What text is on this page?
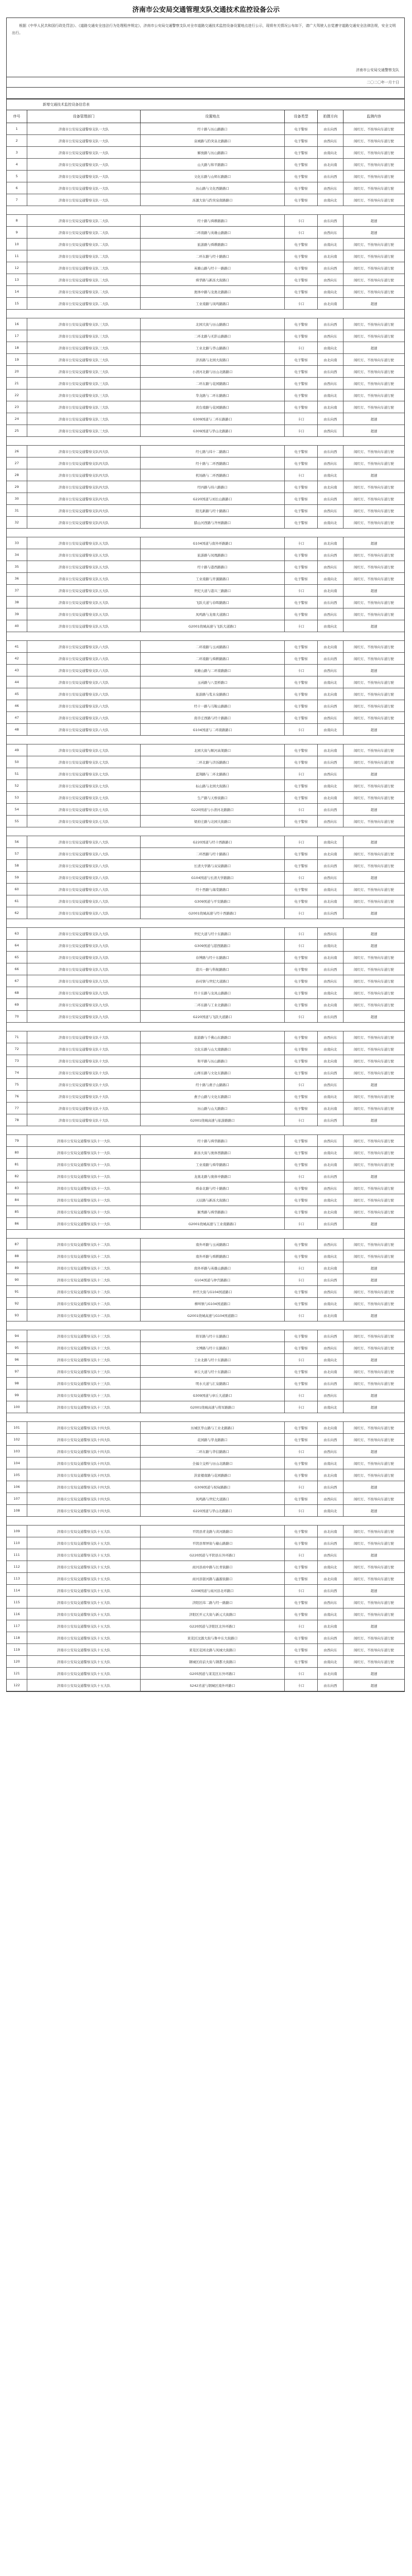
济南市公安局交通管理支队交通技术监控设备公示
根据《中华人民共和国行政处罚法》、《道路交通安全违法行为处理程序规定》，济南市公安局交通警察支队对全市道路交通技术监控设备设置地点进行公示，现将有关情况公布如下，请广大驾驶人自觉遵守道路交通安全法律法规，安全文明出行。
济南市公安局交通警察支队
二〇二〇年一月十日
新增交通技术监控设备信息表
序号	设备管理部门	设置地点	设备类型	拍摄方向	监测内容
1	济南市公安局交通警察支队一大队	经十路与历山路路口	电子警察	由东向西	闯红灯、不按导向车道行驶
2	济南市公安局交通警察支队一大队	泉城路与趵突泉北路路口	电子警察	由西向东	闯红灯、不按导向车道行驶
3	济南市公安局交通警察支队一大队	解放路与历山路路口	电子警察	由南向北	闯红灯、不按导向车道行驶
4	济南市公安局交通警察支队一大队	山大路与和平路路口	电子警察	由北向南	闯红灯、不按导向车道行驶
5	济南市公安局交通警察支队一大队	文化东路与山师东路路口	电子警察	由东向西	闯红灯、不按导向车道行驶
6	济南市公安局交通警察支队一大队	历山路与文化西路路口	电子警察	由西向东	闯红灯、不按导向车道行驶
7	济南市公安局交通警察支队一大队	泺源大街与趵突泉南路路口	电子警察	由南向北	闯红灯、不按导向车道行驶
8	济南市公安局交通警察支队二大队	经十路与舜耕路路口	卡口	由东向西	超速
9	济南市公安局交通警察支队二大队	二环南路与英雄山路路口	卡口	由西向东	超速
10	济南市公安局交通警察支队二大队	旅游路与舜耕路路口	电子警察	由南向北	闯红灯、不按导向车道行驶
11	济南市公安局交通警察支队二大队	二环东路与经十路路口	电子警察	由北向南	闯红灯、不按导向车道行驶
12	济南市公安局交通警察支队二大队	英雄山路与经十一路路口	电子警察	由东向西	闯红灯、不按导向车道行驶
13	济南市公安局交通警察支队二大队	舜华路与新泺大街路口	电子警察	由西向东	闯红灯、不按导向车道行驶
14	济南市公安局交通警察支队二大队	奥体中路与龙奥北路路口	电子警察	由南向北	闯红灯、不按导向车道行驶
15	济南市公安局交通警察支队二大队	工业南路与凤鸣路路口	卡口	由北向南	超速
16	济南市公安局交通警察支队三大队	北园大街与历山路路口	电子警察	由东向西	闯红灯、不按导向车道行驶
17	济南市公安局交通警察支队三大队	二环北路与无影山路路口	电子警察	由西向东	闯红灯、不按导向车道行驶
18	济南市公安局交通警察支队三大队	工业北路与华山路路口	卡口	由南向北	超速
19	济南市公安局交通警察支队三大队	济泺路与北园大街路口	电子警察	由北向南	闯红灯、不按导向车道行驶
20	济南市公安局交通警察支队三大队	小清河北路与历山北路路口	电子警察	由东向西	闯红灯、不按导向车道行驶
21	济南市公安局交通警察支队三大队	二环东路与花园路路口	电子警察	由西向东	闯红灯、不按导向车道行驶
22	济南市公安局交通警察支队三大队	华龙路与二环东路路口	电子警察	由南向北	闯红灯、不按导向车道行驶
23	济南市公安局交通警察支队三大队	黄台南路与花园路路口	电子警察	由北向南	闯红灯、不按导向车道行驶
24	济南市公安局交通警察支队三大队	G309国道与二环东路路口	卡口	由东向西	超速
25	济南市公安局交通警察支队三大队	G309国道与华山北路路口	卡口	由西向东	超速
26	济南市公安局交通警察支队四大队	经七路与纬十二路路口	电子警察	由东向西	闯红灯、不按导向车道行驶
27	济南市公安局交通警察支队四大队	经十路与二环西路路口	电子警察	由西向东	闯红灯、不按导向车道行驶
28	济南市公安局交通警察支队四大队	机场路与二环西路路口	卡口	由南向北	超速
29	济南市公安局交通警察支队四大队	经四路与纬六路路口	电子警察	由北向南	闯红灯、不按导向车道行驶
30	济南市公安局交通警察支队四大队	G220国道与刘长山路路口	电子警察	由东向西	闯红灯、不按导向车道行驶
31	济南市公安局交通警察支队四大队	阳光新路与经十路路口	电子警察	由西向东	闯红灯、不按导向车道行驶
32	济南市公安局交通警察支队四大队	腊山河西路与齐州路路口	电子警察	由南向北	闯红灯、不按导向车道行驶
33	济南市公安局交通警察支队五大队	G104国道与南外环路路口	卡口	由北向南	超速
34	济南市公安局交通警察支队五大队	旅游路与凤凰路路口	电子警察	由东向西	闯红灯、不按导向车道行驶
35	济南市公安局交通警察支队五大队	经十路与港西路路口	电子警察	由西向东	闯红灯、不按导向车道行驶
36	济南市公安局交通警察支队五大队	工业南路与开源路路口	电子警察	由南向北	闯红灯、不按导向车道行驶
37	济南市公安局交通警察支队五大队	世纪大道与港兴三路路口	卡口	由北向南	超速
38	济南市公安局交通警察支队五大队	飞跃大道与春晖路路口	电子警察	由东向西	闯红灯、不按导向车道行驶
39	济南市公安局交通警察支队五大队	凤鸣路与龙鼎大道路口	电子警察	由西向东	闯红灯、不按导向车道行驶
40	济南市公安局交通警察支队五大队	G2001绕城高速与飞跃大道路口	卡口	由南向北	超速
41	济南市公安局交通警察支队六大队	二环南路与玉函路路口	电子警察	由北向南	闯红灯、不按导向车道行驶
42	济南市公安局交通警察支队六大队	二环南路与舜耕路路口	电子警察	由东向西	闯红灯、不按导向车道行驶
43	济南市公安局交通警察支队六大队	英雄山路与二环南路路口	卡口	由西向东	超速
44	济南市公安局交通警察支队六大队	玉函路与八里桥路口	电子警察	由南向北	闯红灯、不按导向车道行驶
45	济南市公安局交通警察支队六大队	旅游路与浆水泉路路口	电子警察	由北向南	闯红灯、不按导向车道行驶
46	济南市公安局交通警察支队六大队	经十一路与马鞍山路路口	电子警察	由东向西	闯红灯、不按导向车道行驶
47	济南市公安局交通警察支队六大队	南辛庄西路与经十路路口	电子警察	由西向东	闯红灯、不按导向车道行驶
48	济南市公安局交通警察支队六大队	G104国道与二环南路路口	卡口	由南向北	超速
49	济南市公安局交通警察支队七大队	北园大街与顺河高架路口	电子警察	由北向南	闯红灯、不按导向车道行驶
50	济南市公安局交通警察支队七大队	二环北路与济泺路路口	电子警察	由东向西	闯红灯、不按导向车道行驶
51	济南市公安局交通警察支队七大队	蓝翔路与二环北路路口	卡口	由西向东	超速
52	济南市公安局交通警察支队七大队	标山路与北园大街路口	电子警察	由南向北	闯红灯、不按导向车道行驶
53	济南市公安局交通警察支队七大队	生产路与天桥街路口	电子警察	由北向南	闯红灯、不按导向车道行驶
54	济南市公安局交通警察支队七大队	G220国道与小清河北路路口	卡口	由东向西	超速
55	济南市公安局交通警察支队七大队	梁府庄路与北园大街路口	电子警察	由西向东	闯红灯、不按导向车道行驶
56	济南市公安局交通警察支队八大队	G220国道与经十西路路口	卡口	由南向北	超速
57	济南市公安局交通警察支队八大队	二环西路与经十路路口	电子警察	由北向南	闯红灯、不按导向车道行驶
58	济南市公安局交通警察支队八大队	长清大学路与双泉路路口	电子警察	由东向西	闯红灯、不按导向车道行驶
59	济南市公安局交通警察支队八大队	G104国道与长清大学路路口	卡口	由西向东	超速
60	济南市公安局交通警察支队八大队	经十西路与海棠路路口	电子警察	由南向北	闯红灯、不按导向车道行驶
61	济南市公安局交通警察支队八大队	G309国道与平安路路口	电子警察	由北向南	闯红灯、不按导向车道行驶
62	济南市公安局交通警察支队八大队	G2001绕城高速与经十西路路口	卡口	由东向西	超速
63	济南市公安局交通警察支队九大队	世纪大道与经十东路路口	卡口	由西向东	超速
64	济南市公安局交通警察支队九大队	G309国道与港西路路口	卡口	由南向北	超速
65	济南市公安局交通警察支队九大队	春博路与经十东路路口	电子警察	由北向南	闯红灯、不按导向车道行驶
66	济南市公安局交通警察支队九大队	港兴一路与科航路路口	电子警察	由东向西	闯红灯、不按导向车道行驶
67	济南市公安局交通警察支队九大队	孙村镇与世纪大道路口	电子警察	由西向东	闯红灯、不按导向车道行驶
68	济南市公安局交通警察支队九大队	经十东路与龙凤山路路口	电子警察	由南向北	闯红灯、不按导向车道行驶
69	济南市公安局交通警察支队九大队	二环东路与工业北路路口	电子警察	由北向南	闯红灯、不按导向车道行驶
70	济南市公安局交通警察支队九大队	G220国道与飞跃大道路口	卡口	由东向西	超速
71	济南市公安局交通警察支队十大队	旅游路与千佛山东路路口	电子警察	由西向东	闯红灯、不按导向车道行驶
72	济南市公安局交通警察支队十大队	文化东路与山大南路路口	电子警察	由南向北	闯红灯、不按导向车道行驶
73	济南市公安局交通警察支队十大队	和平路与历山路路口	电子警察	由北向南	闯红灯、不按导向车道行驶
74	济南市公安局交通警察支队十大队	山师东路与文化东路路口	电子警察	由东向西	闯红灯、不按导向车道行驶
75	济南市公安局交通警察支队十大队	经十路与燕子山路路口	卡口	由西向东	超速
76	济南市公安局交通警察支队十大队	燕子山路与文化东路路口	电子警察	由南向北	闯红灯、不按导向车道行驶
77	济南市公安局交通警察支队十大队	历山路与山大路路口	电子警察	由北向南	闯红灯、不按导向车道行驶
78	济南市公安局交通警察支队十大队	G2001绕城高速与旅游路路口	卡口	由东向西	超速
79	济南市公安局交通警察支队十一大队	经十路与舜华路路口	电子警察	由西向东	闯红灯、不按导向车道行驶
80	济南市公安局交通警察支队十一大队	新泺大街与奥体西路路口	电子警察	由南向北	闯红灯、不按导向车道行驶
81	济南市公安局交通警察支队十一大队	工业南路与舜华路路口	电子警察	由北向南	闯红灯、不按导向车道行驶
82	济南市公安局交通警察支队十一大队	龙奥北路与奥体中路路口	卡口	由东向西	超速
83	济南市公安局交通警察支队十一大队	舜泰北路与经十路路口	电子警察	由西向东	闯红灯、不按导向车道行驶
84	济南市公安局交通警察支队十一大队	天辰路与新泺大街路口	电子警察	由南向北	闯红灯、不按导向车道行驶
85	济南市公安局交通警察支队十一大队	颖秀路与舜华路路口	电子警察	由北向南	闯红灯、不按导向车道行驶
86	济南市公安局交通警察支队十一大队	G2001绕城高速与工业南路路口	卡口	由东向西	超速
87	济南市公安局交通警察支队十二大队	南外环路与玉函路路口	电子警察	由西向东	闯红灯、不按导向车道行驶
88	济南市公安局交通警察支队十二大队	南外环路与舜耕路路口	电子警察	由南向北	闯红灯、不按导向车道行驶
89	济南市公安局交通警察支队十二大队	南外环路与英雄山路路口	卡口	由北向南	超速
90	济南市公安局交通警察支队十二大队	G104国道与仲宫路路口	卡口	由东向西	超速
91	济南市公安局交通警察支队十二大队	仲宫大街与G104国道路口	电子警察	由西向东	闯红灯、不按导向车道行驶
92	济南市公安局交通警察支队十二大队	柳埠镇与G104国道路口	电子警察	由南向北	闯红灯、不按导向车道行驶
93	济南市公安局交通警察支队十二大队	G2001绕城高速与G104国道路口	卡口	由北向南	超速
94	济南市公安局交通警察支队十三大队	将军路与经十东路路口	电子警察	由东向西	闯红灯、不按导向车道行驶
95	济南市公安局交通警察支队十三大队	文博路与经十东路路口	电子警察	由西向东	闯红灯、不按导向车道行驶
96	济南市公安局交通警察支队十三大队	工业北路与经十东路路口	卡口	由南向北	超速
97	济南市公安局交通警察支队十三大队	章丘大道与经十东路路口	电子警察	由北向南	闯红灯、不按导向车道行驶
98	济南市公安局交通警察支队十三大队	明水大道与汇泉路路口	电子警察	由东向西	闯红灯、不按导向车道行驶
99	济南市公安局交通警察支队十三大队	G309国道与章丘大道路口	卡口	由西向东	超速
100	济南市公安局交通警察支队十三大队	G2001绕城高速与将军路路口	卡口	由南向北	超速
101	济南市公安局交通警察支队十四大队	历城区华山路与工业北路路口	电子警察	由北向南	闯红灯、不按导向车道行驶
102	济南市公安局交通警察支队十四大队	花园路与华龙路路口	电子警察	由东向西	闯红灯、不按导向车道行驶
103	济南市公安局交通警察支队十四大队	二环东路与华信路路口	卡口	由西向东	超速
104	济南市公安局交通警察支队十四大队	全福立交桥与历山北路路口	电子警察	由南向北	闯红灯、不按导向车道行驶
105	济南市公安局交通警察支队十四大队	洪家楼南路与花园路路口	电子警察	由北向南	闯红灯、不按导向车道行驶
106	济南市公安局交通警察支队十四大队	G309国道与祝甸路路口	卡口	由东向西	超速
107	济南市公安局交通警察支队十四大队	凤鸣路与世纪大道路口	电子警察	由西向东	闯红灯、不按导向车道行驶
108	济南市公安局交通警察支队十四大队	G220国道与华山北路路口	卡口	由南向北	超速
109	济南市公安局交通警察支队十五大队	平阴县青龙路与黄河路路口	电子警察	由北向南	闯红灯、不按导向车道行驶
110	济南市公安局交通警察支队十五大队	平阴县翠屏街与榆山路路口	电子警察	由东向西	闯红灯、不按导向车道行驶
111	济南市公安局交通警察支队十五大队	G220国道与平阴县东外环路口	卡口	由西向东	超速
112	济南市公安局交通警察支队十五大队	商河县商中路与长青街路口	电子警察	由南向北	闯红灯、不按导向车道行驶
113	济南市公安局交通警察支队十五大队	商河县银河路与鑫源街路口	电子警察	由北向南	闯红灯、不按导向车道行驶
114	济南市公安局交通警察支队十五大队	G308国道与商河县北环路口	卡口	由东向西	超速
115	济南市公安局交通警察支队十五大队	济阳区纬二路与经一路路口	电子警察	由西向东	闯红灯、不按导向车道行驶
116	济南市公安局交通警察支队十五大队	济阳区开元大街与新元大街路口	电子警察	由南向北	闯红灯、不按导向车道行驶
117	济南市公安局交通警察支队十五大队	G220国道与济阳区北外环路口	卡口	由北向南	超速
118	济南市公安局交通警察支队十五大队	莱芜区汶源大街与鲁中东大街路口	电子警察	由东向西	闯红灯、不按导向车道行驶
119	济南市公安局交通警察支队十五大队	莱芜区花园北路与凤城大街路口	电子警察	由西向东	闯红灯、不按导向车道行驶
120	济南市公安局交通警察支队十五大队	钢城区府前大街与钢都大街路口	电子警察	由南向北	闯红灯、不按导向车道行驶
121	济南市公安局交通警察支队十五大队	G205国道与莱芜区东外环路口	卡口	由北向南	超速
122	济南市公安局交通警察支队十五大队	S242省道与钢城区南外环路口	卡口	由东向西	超速
